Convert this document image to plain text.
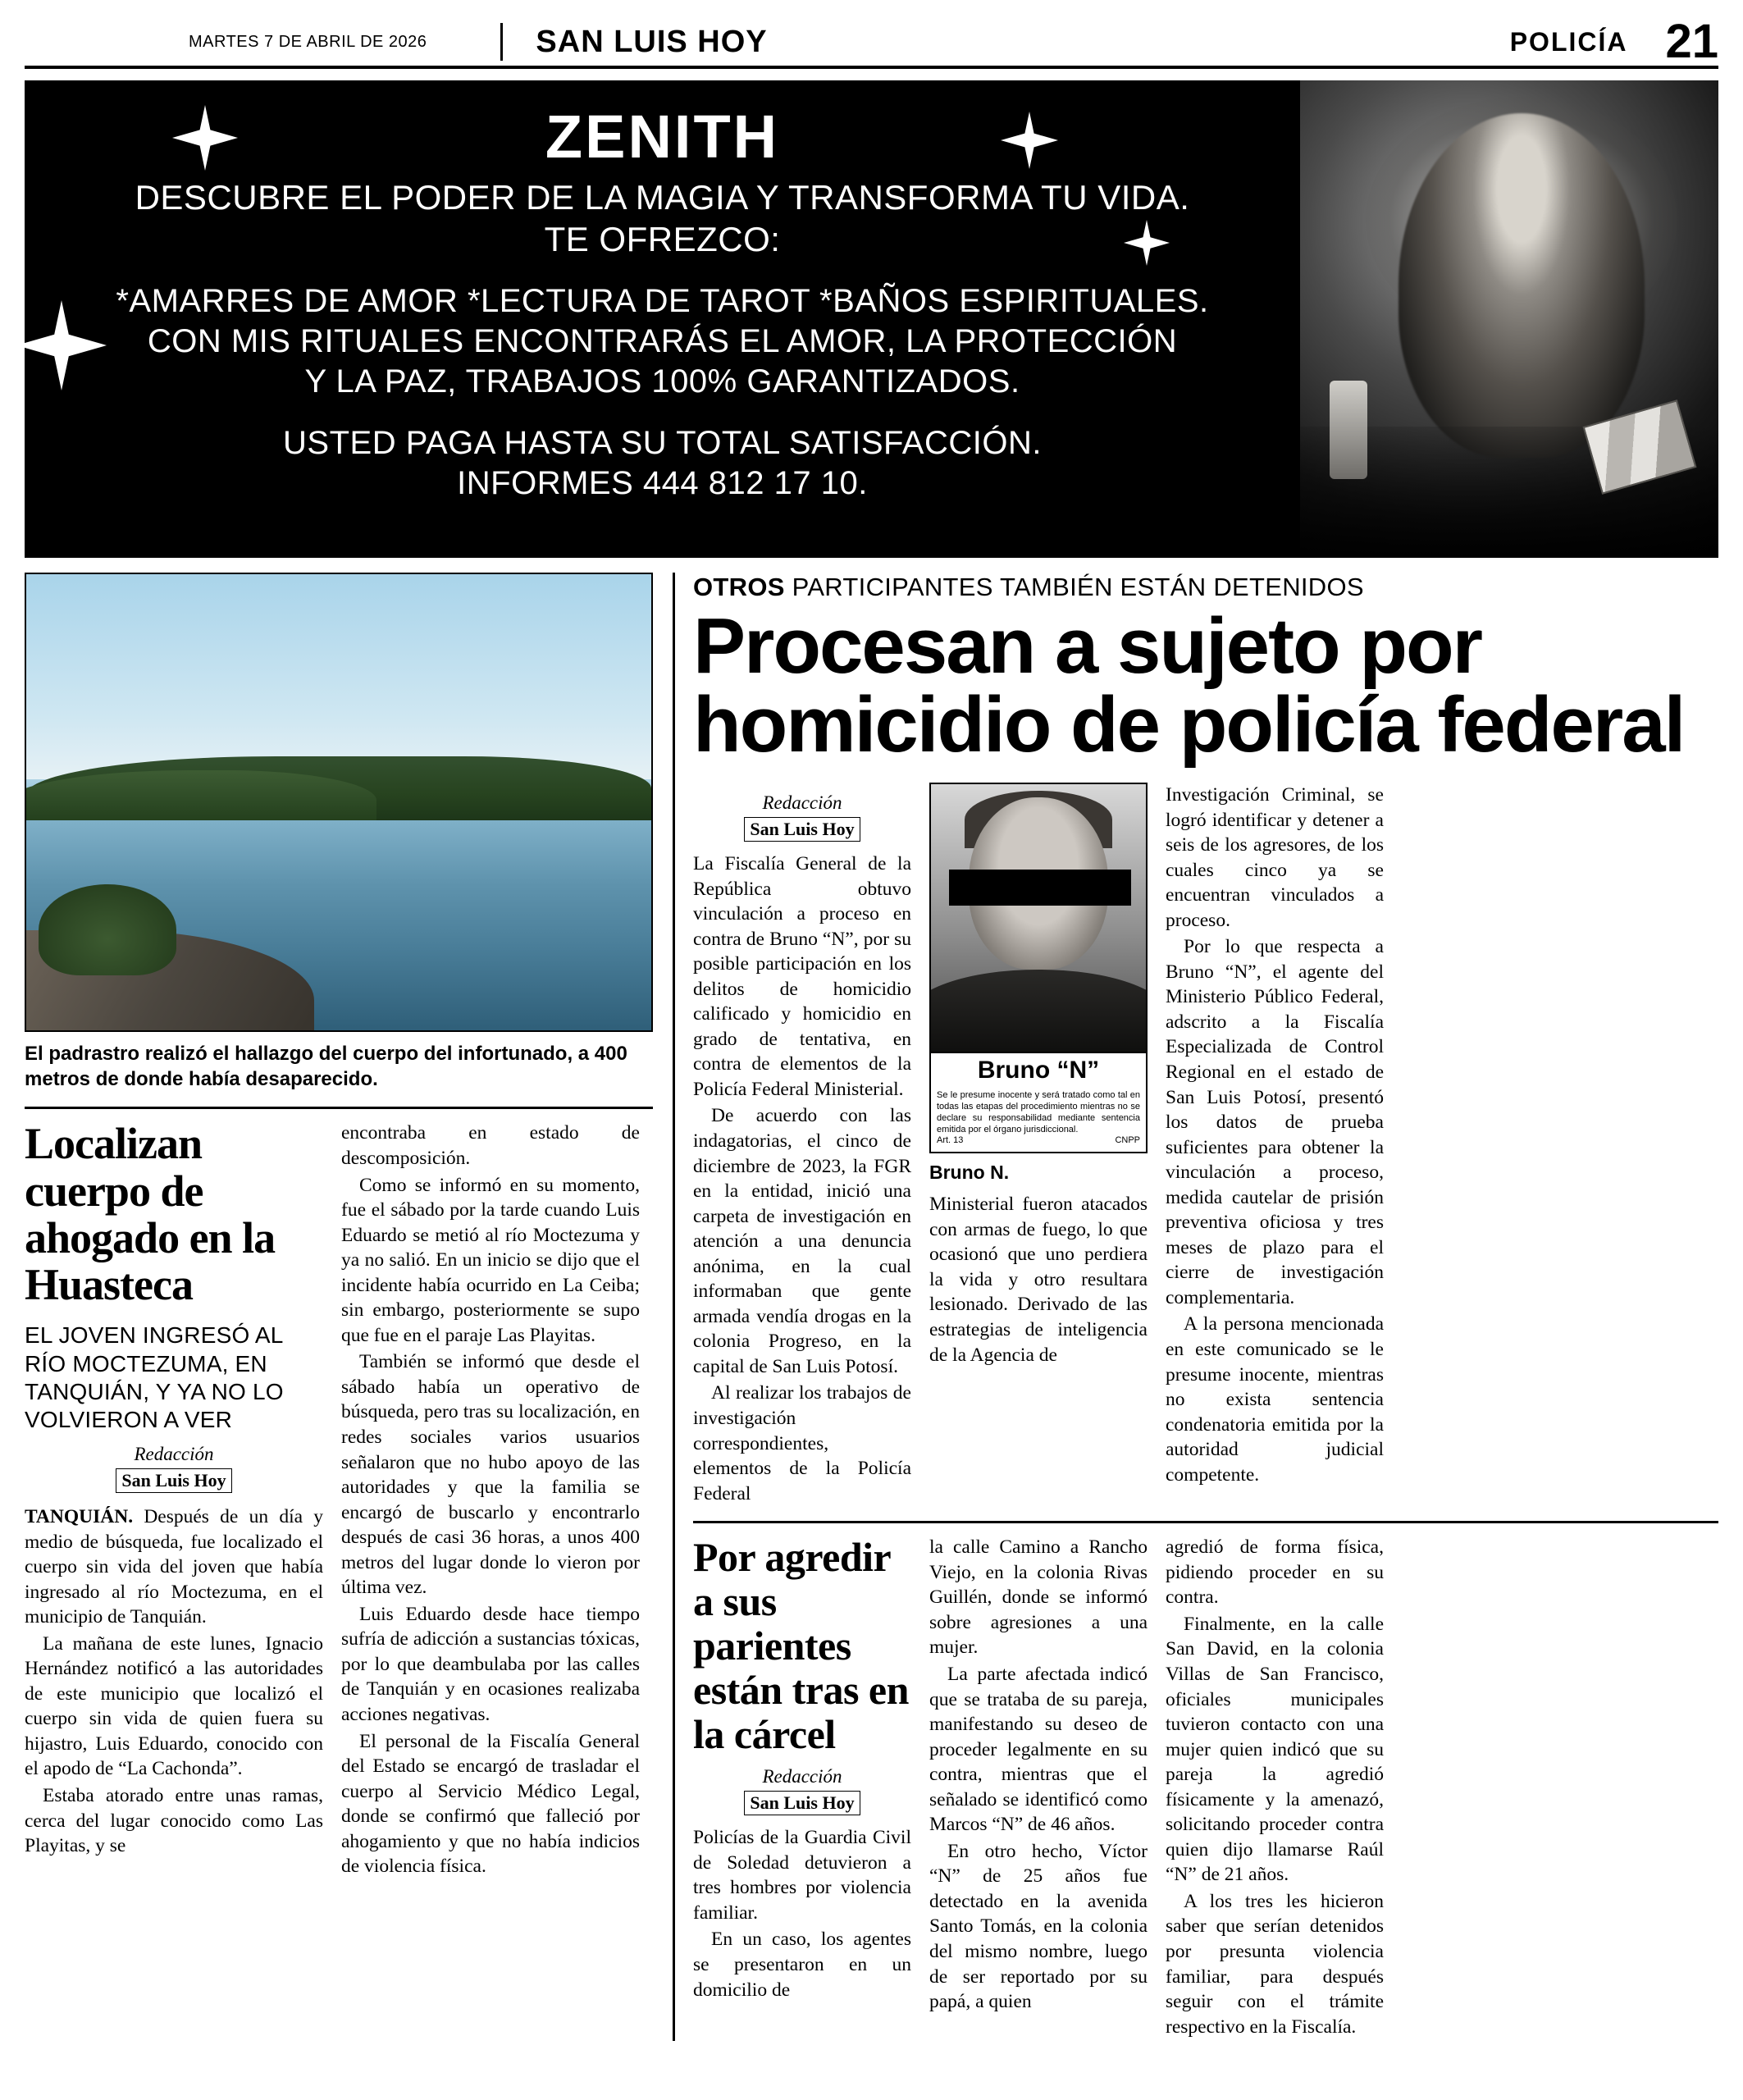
MARTES 7 DE ABRIL DE 2026	SAN LUIS HOY	POLICÍA 21
ZENITH
DESCUBRE EL PODER DE LA MAGIA Y TRANSFORMA TU VIDA.
TE OFREZCO:
*AMARRES DE AMOR *LECTURA DE TAROT *BAÑOS ESPIRITUALES.
CON MIS RITUALES ENCONTRARÁS EL AMOR, LA PROTECCIÓN
Y LA PAZ, TRABAJOS 100% GARANTIZADOS.
USTED PAGA HASTA SU TOTAL SATISFACCIÓN.
INFORMES 444 812 17 10.
El padrastro realizó el hallazgo del cuerpo del infortunado, a 400 metros de donde había desaparecido.
Localizan cuerpo de ahogado en la Huasteca
EL JOVEN INGRESÓ AL RÍO MOCTEZUMA, EN TANQUIÁN, Y YA NO LO VOLVIERON A VER
Redacción
San Luis Hoy

TANQUIÁN. Después de un día y medio de búsqueda, fue localizado el cuerpo sin vida del joven que había ingresado al río Moctezuma, en el municipio de Tanquián.

La mañana de este lunes, Ignacio Hernández notificó a las autoridades de este municipio que localizó el cuerpo sin vida de quien fuera su hijastro, Luis Eduardo, conocido con el apodo de “La Cachonda”.

Estaba atorado entre unas ramas, cerca del lugar conocido como Las Playitas, y se

encontraba en estado de descomposición.

Como se informó en su momento, fue el sábado por la tarde cuando Luis Eduardo se metió al río Moctezuma y ya no salió. En un inicio se dijo que el incidente había ocurrido en La Ceiba; sin embargo, posteriormente se supo que fue en el paraje Las Playitas.

También se informó que desde el sábado había un operativo de búsqueda, pero tras su localización, en redes sociales varios usuarios señalaron que no hubo apoyo de las autoridades y que la familia se encargó de buscarlo y encontrarlo después de casi 36 horas, a unos 400 metros del lugar donde lo vieron por última vez.

Luis Eduardo desde hace tiempo sufría de adicción a sustancias tóxicas, por lo que deambulaba por las calles de Tanquián y en ocasiones realizaba acciones negativas.

El personal de la Fiscalía General del Estado se encargó de trasladar el cuerpo al Servicio Médico Legal, donde se confirmó que falleció por ahogamiento y que no había indicios de violencia física.

OTROS PARTICIPANTES TAMBIÉN ESTÁN DETENIDOS
Procesan a sujeto por homicidio de policía federal
Redacción
San Luis Hoy

La Fiscalía General de la República obtuvo vinculación a proceso en contra de Bruno “N”, por su posible participación en los delitos de homicidio calificado y homicidio en grado de tentativa, en contra de elementos de la Policía Federal Ministerial.

De acuerdo con las indagatorias, el cinco de diciembre de 2023, la FGR en la entidad, inició una carpeta de investigación en atención a una denuncia anónima, en la cual informaban que gente armada vendía drogas en la colonia Progreso, en la capital de San Luis Potosí.

Al realizar los trabajos de investigación correspondientes, elementos de la Policía Federal

Bruno “N”
Se le presume inocente y será tratado como tal en todas las etapas del procedimiento mientras no se declare su responsabilidad mediante sentencia emitida por el órgano jurisdiccional.
Art. 13	CNPP
Bruno N.

Ministerial fueron atacados con armas de fuego, lo que ocasionó que uno perdiera la vida y otro resultara lesionado. Derivado de las estrategias de inteligencia de la Agencia de

Investigación Criminal, se logró identificar y detener a seis de los agresores, de los cuales cinco ya se encuentran vinculados a proceso.

Por lo que respecta a Bruno “N”, el agente del Ministerio Público Federal, adscrito a la Fiscalía Especializada de Control Regional en el estado de San Luis Potosí, presentó los datos de prueba suficientes para obtener la vinculación a proceso, medida cautelar de prisión preventiva oficiosa y tres meses de plazo para el cierre de investigación complementaria.

A la persona mencionada en este comunicado se le presume inocente, mientras no exista sentencia condenatoria emitida por la autoridad judicial competente.

Por agredir a sus parientes están tras en la cárcel
Redacción
San Luis Hoy

Policías de la Guardia Civil de Soledad detuvieron a tres hombres por violencia familiar.

En un caso, los agentes se presentaron en un domicilio de

la calle Camino a Rancho Viejo, en la colonia Rivas Guillén, donde se informó sobre agresiones a una mujer.

La parte afectada indicó que se trataba de su pareja, manifestando su deseo de proceder legalmente en su contra, mientras que el señalado se identificó como Marcos “N” de 46 años.

En otro hecho, Víctor “N” de 25 años fue detectado en la avenida Santo Tomás, en la colonia del mismo nombre, luego de ser reportado por su papá, a quien

agredió de forma física, pidiendo proceder en su contra.

Finalmente, en la calle San David, en la colonia Villas de San Francisco, oficiales municipales tuvieron contacto con una mujer quien indicó que su pareja la agredió físicamente y la amenazó, solicitando proceder contra quien dijo llamarse Raúl “N” de 21 años.

A los tres les hicieron saber que serían detenidos por presunta violencia familiar, para después seguir con el trámite respectivo en la Fiscalía.
